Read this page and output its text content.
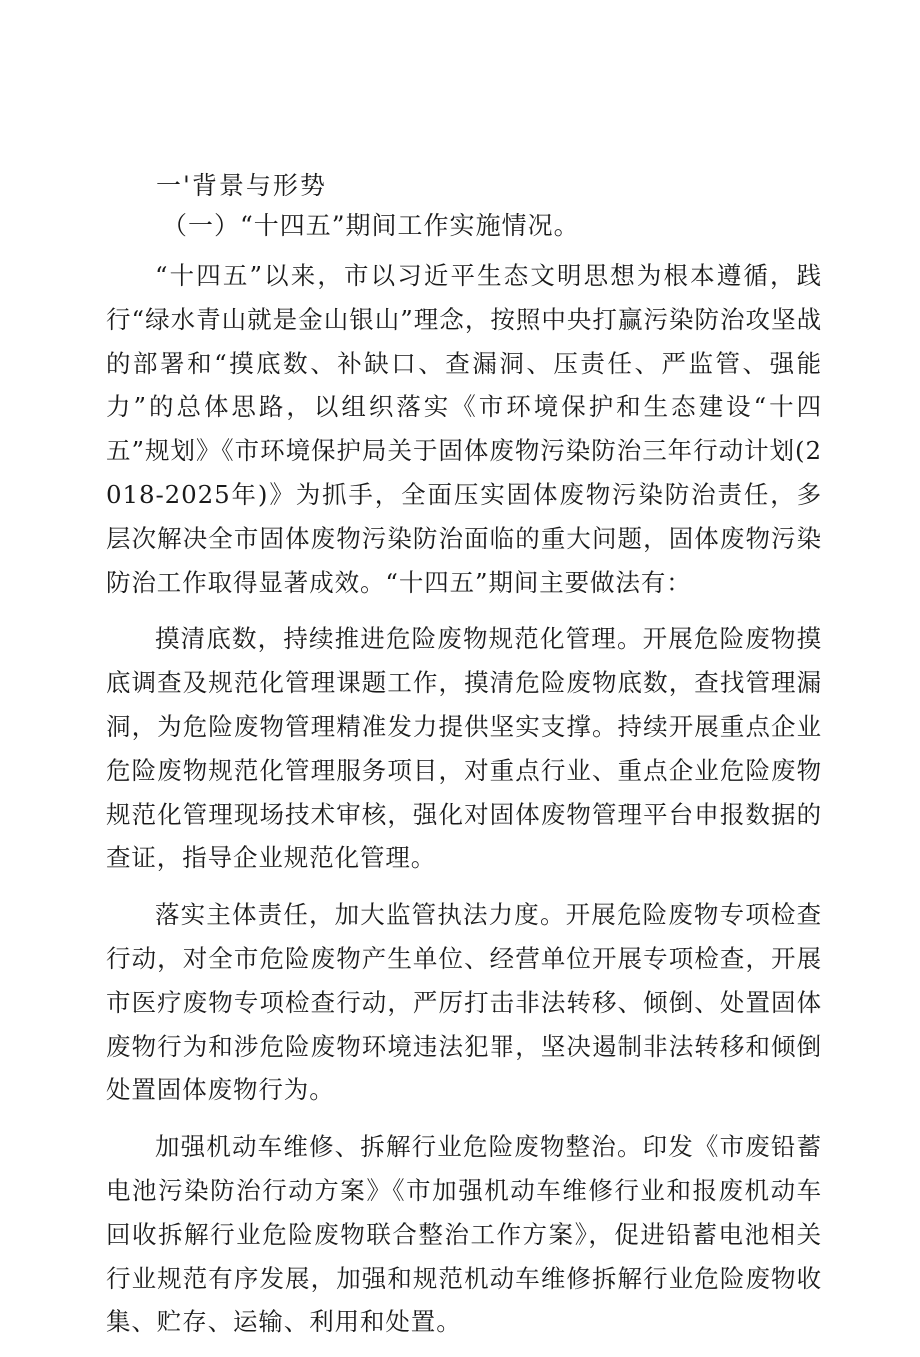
一'背景与形势
（一）“十四五”期间工作实施情况。

“十四五”以来，市以习近平生态文明思想为根本遵循，践行“绿水青山就是金山银山”理念，按照中央打赢污染防治攻坚战的部署和“摸底数、补缺口、查漏洞、压责任、严监管、强能力”的总体思路，以组织落实《市环境保护和生态建设“十四五”规划》《市环境保护局关于固体废物污染防治三年行动计划(2018-2025年)》为抓手，全面压实固体废物污染防治责任，多层次解决全市固体废物污染防治面临的重大问题，固体废物污染防治工作取得显著成效。“十四五”期间主要做法有：

摸清底数，持续推进危险废物规范化管理。开展危险废物摸底调查及规范化管理课题工作，摸清危险废物底数，查找管理漏洞，为危险废物管理精准发力提供坚实支撑。持续开展重点企业危险废物规范化管理服务项目，对重点行业、重点企业危险废物规范化管理现场技术审核，强化对固体废物管理平台申报数据的查证，指导企业规范化管理。

落实主体责任，加大监管执法力度。开展危险废物专项检查行动，对全市危险废物产生单位、经营单位开展专项检查，开展市医疗废物专项检查行动，严厉打击非法转移、倾倒、处置固体废物行为和涉危险废物环境违法犯罪，坚决遏制非法转移和倾倒处置固体废物行为。

加强机动车维修、拆解行业危险废物整治。印发《市废铅蓄电池污染防治行动方案》《市加强机动车维修行业和报废机动车回收拆解行业危险废物联合整治工作方案》，促进铅蓄电池相关行业规范有序发展，加强和规范机动车维修拆解行业危险废物收集、贮存、运输、利用和处置。
